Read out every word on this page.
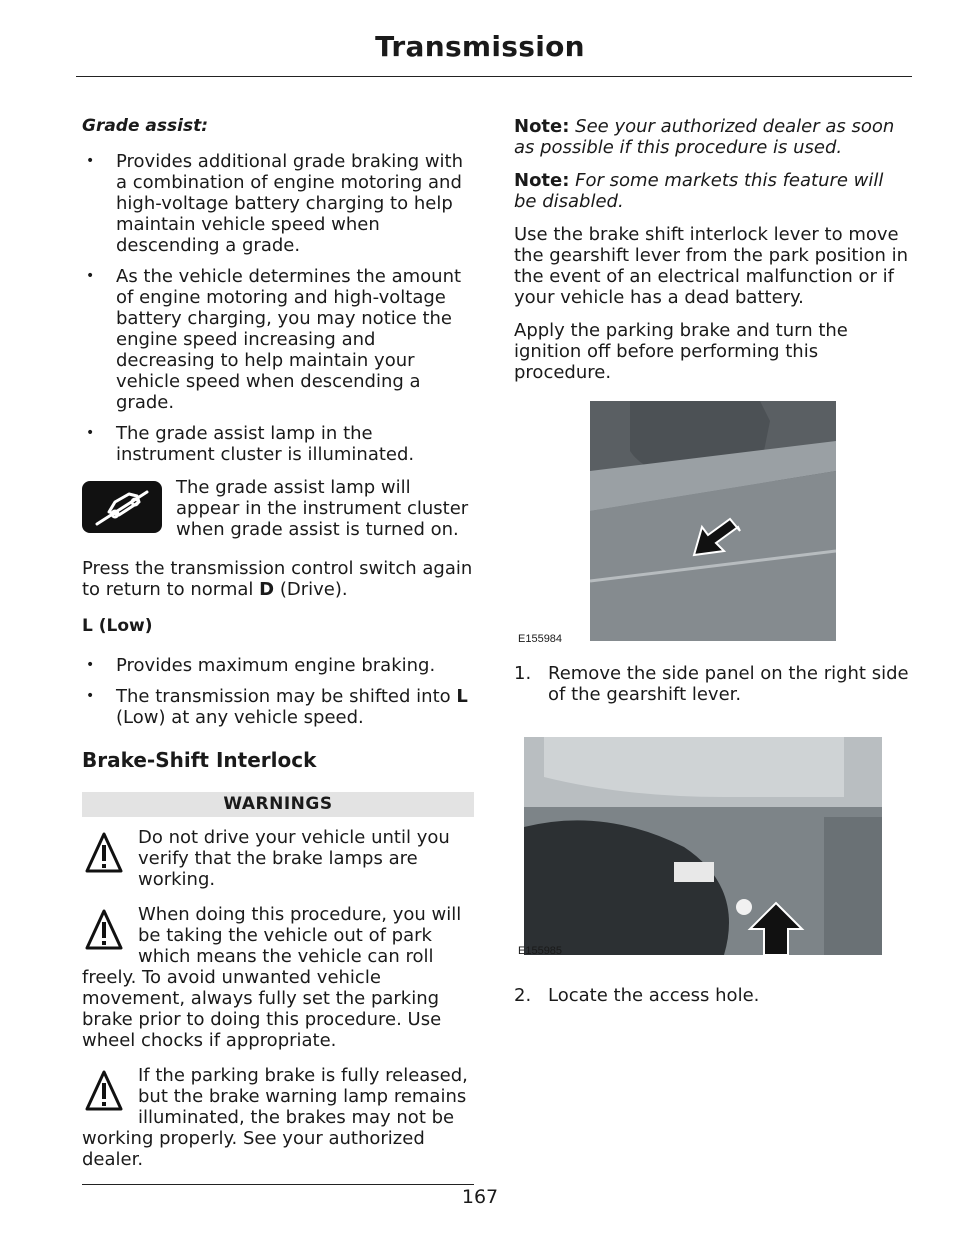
Transmission

Grade assist:

• Provides additional grade braking with a combination of engine motoring and high-voltage battery charging to help maintain vehicle speed when descending a grade.
• As the vehicle determines the amount of engine motoring and high-voltage battery charging, you may notice the engine speed increasing and decreasing to help maintain your vehicle speed when descending a grade.
• The grade assist lamp in the instrument cluster is illuminated.
The grade assist lamp will appear in the instrument cluster when grade assist is turned on.

Press the transmission control switch again to return to normal D (Drive).

L (Low)

• Provides maximum engine braking.
• The transmission may be shifted into L (Low) at any vehicle speed.
Brake-Shift Interlock
WARNINGS
Do not drive your vehicle until you verify that the brake lamps are working.
When doing this procedure, you will be taking the vehicle out of park which means the vehicle can roll freely. To avoid unwanted vehicle movement, always fully set the parking brake prior to doing this procedure. Use wheel chocks if appropriate.
If the parking brake is fully released, but the brake warning lamp remains illuminated, the brakes may not be working properly. See your authorized dealer.

Note: See your authorized dealer as soon as possible if this procedure is used.

Note: For some markets this feature will be disabled.

Use the brake shift interlock lever to move the gearshift lever from the park position in the event of an electrical malfunction or if your vehicle has a dead battery.

Apply the parking brake and turn the ignition off before performing this procedure.

E155984
1. Remove the side panel on the right side of the gearshift lever.
E155985
2. Locate the access hole.
167
